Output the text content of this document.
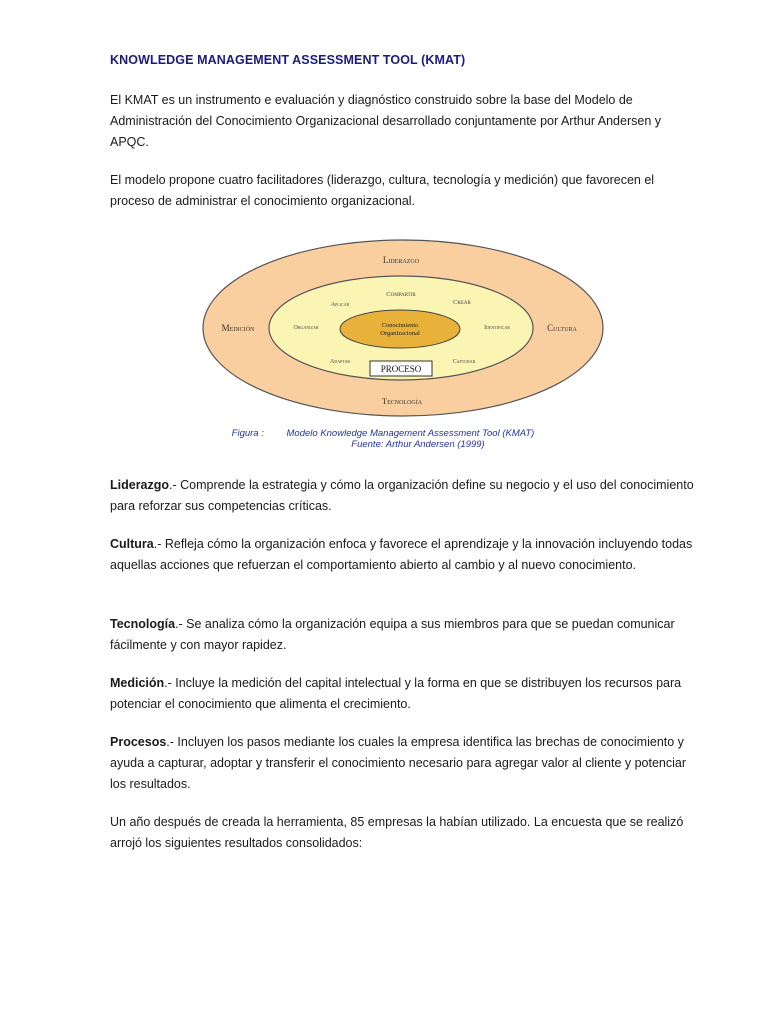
KNOWLEDGE MANAGEMENT ASSESSMENT TOOL (KMAT)

El KMAT es un instrumento e evaluación y diagnóstico construido sobre la base del Modelo de Administración del Conocimiento Organizacional desarrollado conjuntamente por Arthur Andersen y APQC.

El modelo propone cuatro facilitadores (liderazgo, cultura, tecnología y medición) que favorecen el proceso de administrar el conocimiento organizacional.

Liderazgo
Medición	Cultura
Tecnología
Compartir
Aplicar	Crear
Organizar	Identificar
Adaptar	Capturar
Conocimiento
Organizacional
PROCESO
Figura : Modelo Knowledge Management Assessment Tool (KMAT)
Fuente: Arthur Andersen (1999)

Liderazgo.- Comprende la estrategia y cómo la organización define su negocio y el uso del conocimiento para reforzar sus competencias críticas.

Cultura.- Refleja cómo la organización enfoca y favorece el aprendizaje y la innovación incluyendo todas aquellas acciones que refuerzan el comportamiento abierto al cambio y al nuevo conocimiento.

Tecnología.- Se analiza cómo la organización equipa a sus miembros para que se puedan comunicar fácilmente y con mayor rapidez.

Medición.- Incluye la medición del capital intelectual y la forma en que se distribuyen los recursos para potenciar el conocimiento que alimenta el crecimiento.

Procesos.- Incluyen los pasos mediante los cuales la empresa identifica las brechas de conocimiento y ayuda a capturar, adoptar y transferir el conocimiento necesario para agregar valor al cliente y potenciar los resultados.

Un año después de creada la herramienta, 85 empresas la habían utilizado. La encuesta que se realizó arrojó los siguientes resultados consolidados:
